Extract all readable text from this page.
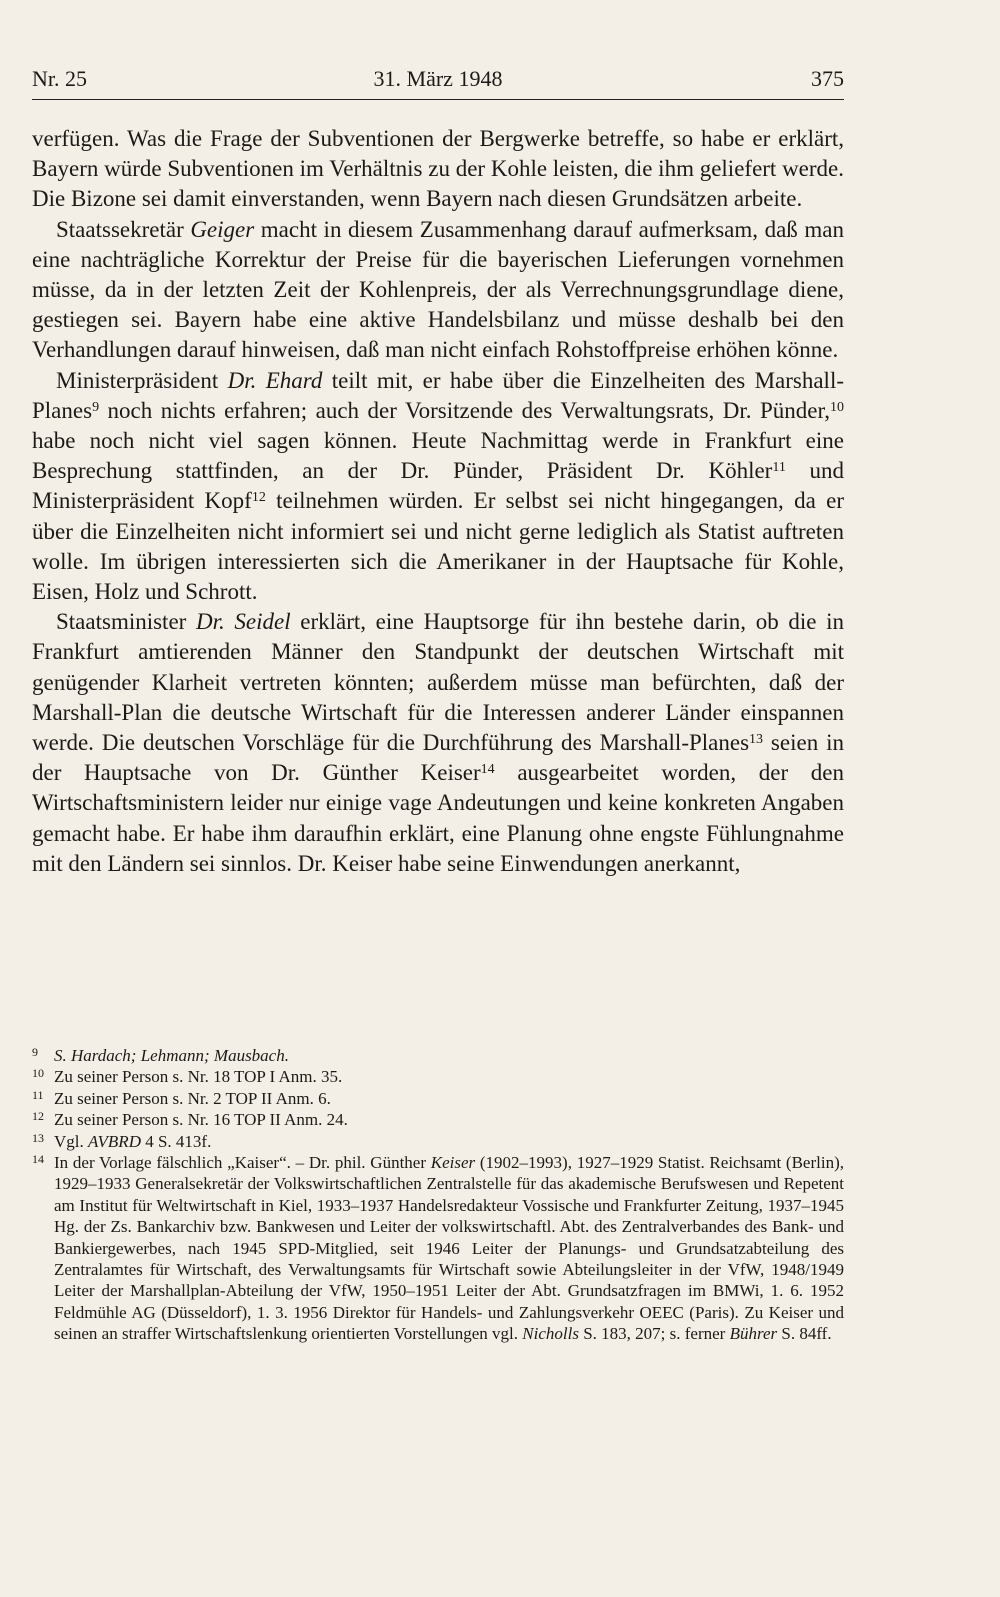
Nr. 25	31. März 1948	375

verfügen. Was die Frage der Subventionen der Bergwerke betreffe, so habe er erklärt, Bayern würde Subventionen im Verhältnis zu der Kohle leisten, die ihm geliefert werde. Die Bizone sei damit einverstanden, wenn Bayern nach diesen Grundsätzen arbeite.

Staatssekretär Geiger macht in diesem Zusammenhang darauf aufmerksam, daß man eine nachträgliche Korrektur der Preise für die bayerischen Lieferungen vornehmen müsse, da in der letzten Zeit der Kohlenpreis, der als Verrechnungsgrundlage diene, gestiegen sei. Bayern habe eine aktive Handelsbilanz und müsse deshalb bei den Verhandlungen darauf hinweisen, daß man nicht einfach Rohstoffpreise erhöhen könne.

Ministerpräsident Dr. Ehard teilt mit, er habe über die Einzelheiten des Marshall-Planes$^9$ noch nichts erfahren; auch der Vorsitzende des Verwaltungsrats, Dr. Pünder,$^{10}$ habe noch nicht viel sagen können. Heute Nachmittag werde in Frankfurt eine Besprechung stattfinden, an der Dr. Pünder, Präsident Dr. Köhler$^{11}$ und Ministerpräsident Kopf$^{12}$ teilnehmen würden. Er selbst sei nicht hingegangen, da er über die Einzelheiten nicht informiert sei und nicht gerne lediglich als Statist auftreten wolle. Im übrigen interessierten sich die Amerikaner in der Hauptsache für Kohle, Eisen, Holz und Schrott.

Staatsminister Dr. Seidel erklärt, eine Hauptsorge für ihn bestehe darin, ob die in Frankfurt amtierenden Männer den Standpunkt der deutschen Wirtschaft mit genügender Klarheit vertreten könnten; außerdem müsse man befürchten, daß der Marshall-Plan die deutsche Wirtschaft für die Interessen anderer Länder einspannen werde. Die deutschen Vorschläge für die Durchführung des Marshall-Planes$^{13}$ seien in der Hauptsache von Dr. Günther Keiser$^{14}$ ausgearbeitet worden, der den Wirtschaftsministern leider nur einige vage Andeutungen und keine konkreten Angaben gemacht habe. Er habe ihm daraufhin erklärt, eine Planung ohne engste Fühlungnahme mit den Ländern sei sinnlos. Dr. Keiser habe seine Einwendungen anerkannt,

9 S. Hardach; Lehmann; Mausbach.
10 Zu seiner Person s. Nr. 18 TOP I Anm. 35.
11 Zu seiner Person s. Nr. 2 TOP II Anm. 6.
12 Zu seiner Person s. Nr. 16 TOP II Anm. 24.
13 Vgl. AVBRD 4 S. 413f.
14 In der Vorlage fälschlich „Kaiser“. – Dr. phil. Günther Keiser (1902–1993), 1927–1929 Statist. Reichsamt (Berlin), 1929–1933 Generalsekretär der Volkswirtschaftlichen Zentralstelle für das akademische Berufswesen und Repetent am Institut für Weltwirtschaft in Kiel, 1933–1937 Handelsredakteur Vossische und Frankfurter Zeitung, 1937–1945 Hg. der Zs. Bankarchiv bzw. Bankwesen und Leiter der volkswirtschaftl. Abt. des Zentralverbandes des Bank- und Bankiergewerbes, nach 1945 SPD-Mitglied, seit 1946 Leiter der Planungs- und Grundsatzabteilung des Zentralamtes für Wirtschaft, des Verwaltungsamts für Wirtschaft sowie Abteilungsleiter in der VfW, 1948/1949 Leiter der Marshallplan-Abteilung der VfW, 1950–1951 Leiter der Abt. Grundsatzfragen im BMWi, 1. 6. 1952 Feldmühle AG (Düsseldorf), 1. 3. 1956 Direktor für Handels- und Zahlungsverkehr OEEC (Paris). Zu Keiser und seinen an straffer Wirtschaftslenkung orientierten Vorstellungen vgl. Nicholls S. 183, 207; s. ferner Bührer S. 84ff.
